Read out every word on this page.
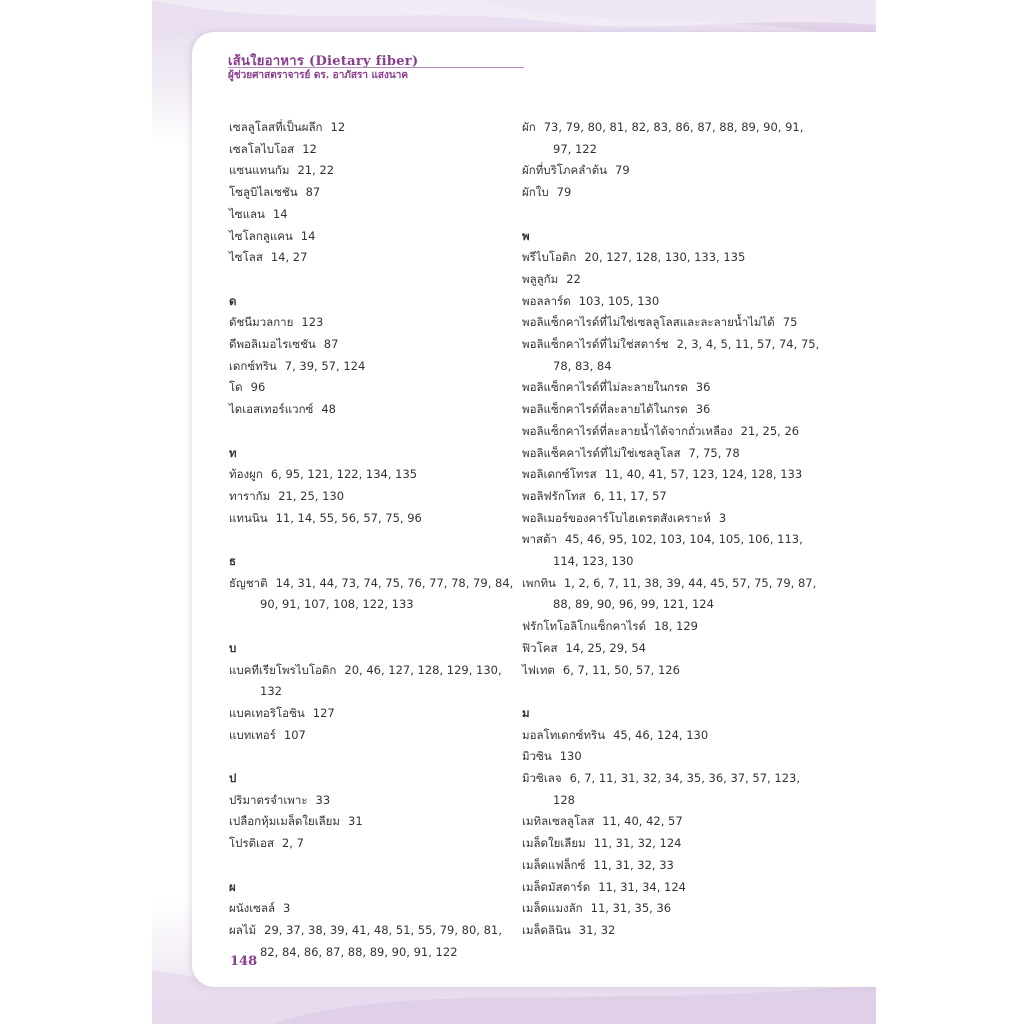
เส้นใยอาหาร (Dietary fiber)
ผู้ช่วยศาสตราจารย์ ดร. อาภัสรา แสงนาค
เซลลูโลสที่เป็นผลึก 12
เซลโลไบโอส 12
แซนแทนกัม 21, 22
โซลูบิไลเซชัน 87
ไซแลน 14
ไซโลกลูแคน 14
ไซโลส 14, 27
ด
ดัชนีมวลกาย 123
ดีพอลิเมอไรเซชัน 87
เดกซ์ทริน 7, 39, 57, 124
โด 96
ไดเอสเทอร์แวกซ์ 48
ท
ท้องผูก 6, 95, 121, 122, 134, 135
ทารากัม 21, 25, 130
แทนนิน 11, 14, 55, 56, 57, 75, 96
ธ
ธัญชาติ 14, 31, 44, 73, 74, 75, 76, 77, 78, 79, 84, 90, 91, 107, 108, 122, 133
บ
แบคทีเรียโพรไบโอติก 20, 46, 127, 128, 129, 130, 132
แบคเทอริโอซิน 127
แบทเทอร์ 107
ป
ปริมาตรจำเพาะ 33
เปลือกหุ้มเมล็ดใยเลียม 31
โปรติเอส 2, 7
ผ
ผนังเซลล์ 3
ผลไม้ 29, 37, 38, 39, 41, 48, 51, 55, 79, 80, 81, 82, 84, 86, 87, 88, 89, 90, 91, 122
ผัก 73, 79, 80, 81, 82, 83, 86, 87, 88, 89, 90, 91, 97, 122
ผักที่บริโภคลำต้น 79
ผักใบ 79
พ
พรีไบโอติก 20, 127, 128, 130, 133, 135
พลูลูกัม 22
พอลลาร์ด 103, 105, 130
พอลิแซ็กคาไรด์ที่ไม่ใช่เซลลูโลสและละลายน้ำไม่ได้ 75
พอลิแซ็กคาไรด์ที่ไม่ใช่สตาร์ช 2, 3, 4, 5, 11, 57, 74, 75, 78, 83, 84
พอลิแซ็กคาไรด์ที่ไม่ละลายในกรด 36
พอลิแซ็กคาไรด์ที่ละลายได้ในกรด 36
พอลิแซ็กคาไรด์ที่ละลายน้ำได้จากถั่วเหลือง 21, 25, 26
พอลิแซ็คคาไรด์ที่ไม่ใช่เซลลูโลส 7, 75, 78
พอลิเดกซ์โทรส 11, 40, 41, 57, 123, 124, 128, 133
พอลิฟรักโทส 6, 11, 17, 57
พอลิเมอร์ของคาร์โบไฮเดรตสังเคราะห์ 3
พาสต้า 45, 46, 95, 102, 103, 104, 105, 106, 113, 114, 123, 130
เพกทิน 1, 2, 6, 7, 11, 38, 39, 44, 45, 57, 75, 79, 87, 88, 89, 90, 96, 99, 121, 124
ฟรักโทโอลิโกแซ็กคาไรด์ 18, 129
ฟิวโคส 14, 25, 29, 54
ไฟเทต 6, 7, 11, 50, 57, 126
ม
มอลโทเดกซ์ทริน 45, 46, 124, 130
มิวซิน 130
มิวซิเลจ 6, 7, 11, 31, 32, 34, 35, 36, 37, 57, 123, 128
เมทิลเซลลูโลส 11, 40, 42, 57
เมล็ดใยเลียม 11, 31, 32, 124
เมล็ดแฟล็กซ์ 11, 31, 32, 33
เมล็ดมัสตาร์ด 11, 31, 34, 124
เมล็ดแมงลัก 11, 31, 35, 36
เมล็ดลินิน 31, 32
148
